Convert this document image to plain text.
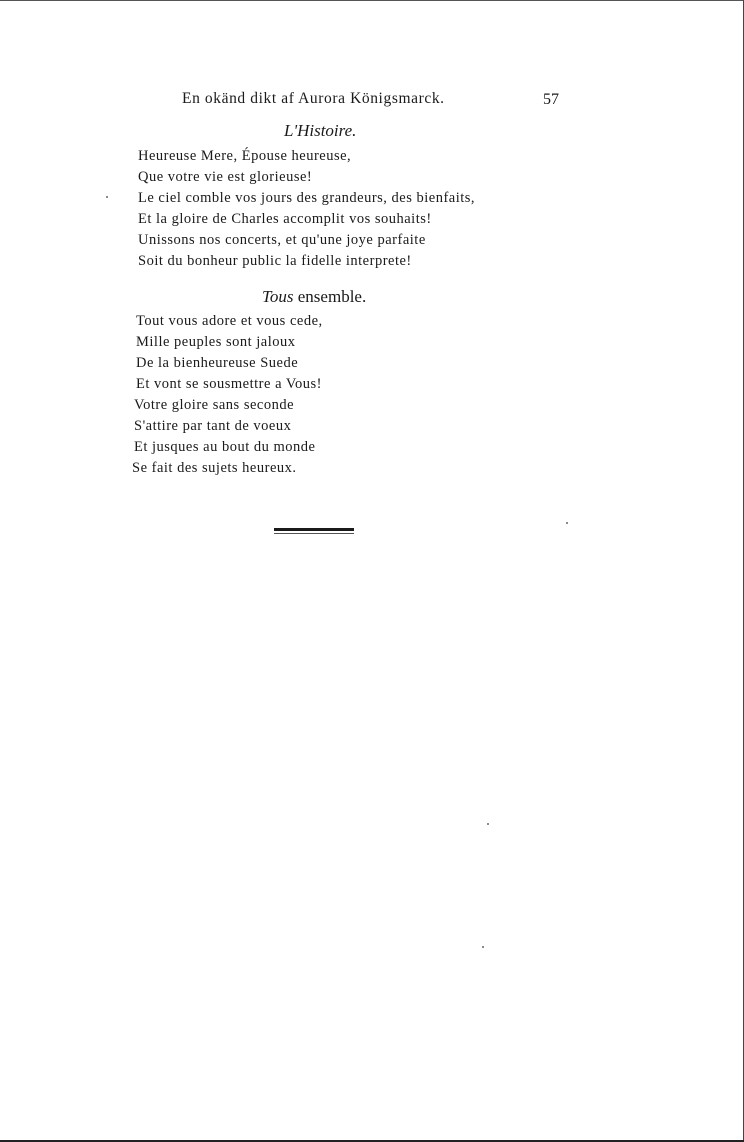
En okänd dikt af Aurora Königsmarck.	57
L'Histoire.
Heureuse Mere, Épouse heureuse,
Que votre vie est glorieuse!
Le ciel comble vos jours des grandeurs, des bienfaits,
Et la gloire de Charles accomplit vos souhaits!
Unissons nos concerts, et qu'une joye parfaite
Soit du bonheur public la fidelle interprete!
Tous ensemble.
Tout vous adore et vous cede,
Mille peuples sont jaloux
De la bienheureuse Suede
Et vont se sousmettre a Vous!
Votre gloire sans seconde
S'attire par tant de voeux
Et jusques au bout du monde
Se fait des sujets heureux.
